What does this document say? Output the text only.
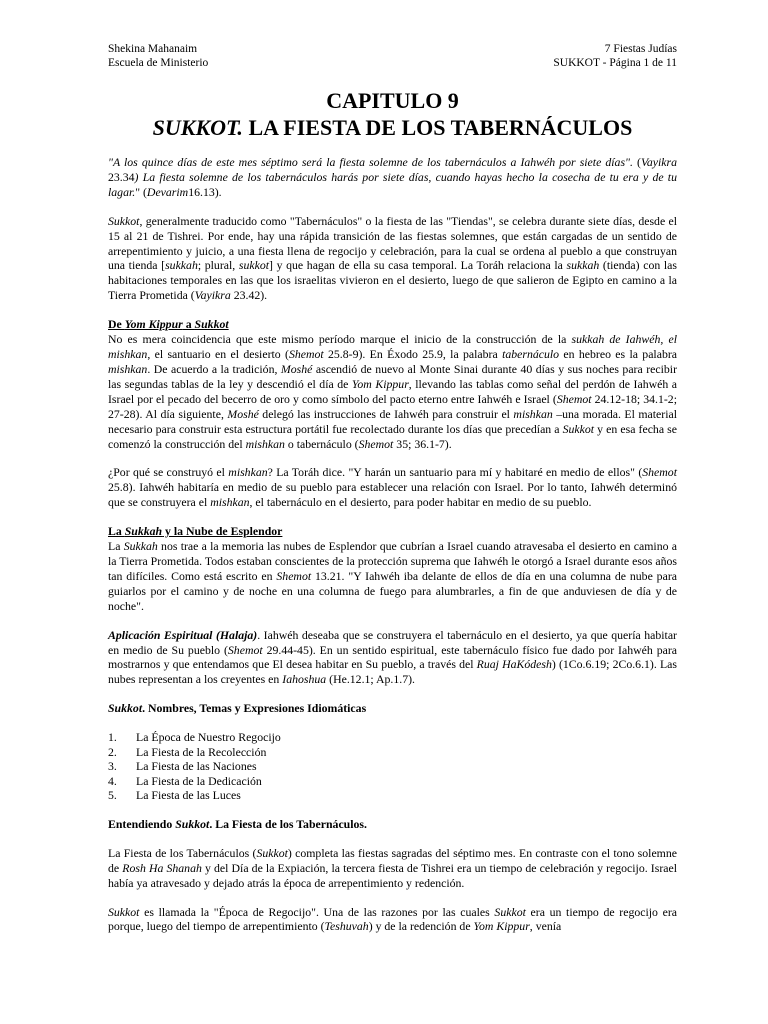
Shekina Mahanaim
Escuela de Ministerio
7 Fiestas Judías
SUKKOT - Página 1 de 11
CAPITULO 9
SUKKOT. LA FIESTA DE LOS TABERNÁCULOS

"A los quince días de este mes séptimo será la fiesta solemne de los tabernáculos a Iahwéh por siete días". (Vayikra 23.34) La fiesta solemne de los tabernáculos harás por siete días, cuando hayas hecho la cosecha de tu era y de tu lagar." (Devarim16.13).

Sukkot, generalmente traducido como "Tabernáculos" o la fiesta de las "Tiendas", se celebra durante siete días, desde el 15 al 21 de Tishrei. Por ende, hay una rápida transición de las fiestas solemnes, que están cargadas de un sentido de arrepentimiento y juicio, a una fiesta llena de regocijo y celebración, para la cual se ordena al pueblo a que construyan una tienda [sukkah; plural, sukkot] y que hagan de ella su casa temporal. La Toráh relaciona la sukkah (tienda) con las habitaciones temporales en las que los israelitas vivieron en el desierto, luego de que salieron de Egipto en camino a la Tierra Prometida (Vayikra 23.42).

De Yom Kippur a Sukkot

No es mera coincidencia que este mismo período marque el inicio de la construcción de la sukkah de Iahwéh, el mishkan, el santuario en el desierto (Shemot 25.8-9). En Éxodo 25.9, la palabra tabernáculo en hebreo es la palabra mishkan. De acuerdo a la tradición, Moshé ascendió de nuevo al Monte Sinai durante 40 días y sus noches para recibir las segundas tablas de la ley y descendió el día de Yom Kippur, llevando las tablas como señal del perdón de Iahwéh a Israel por el pecado del becerro de oro y como símbolo del pacto eterno entre Iahwéh e Israel (Shemot 24.12-18; 34.1-2; 27-28). Al día siguiente, Moshé delegó las instrucciones de Iahwéh para construir el mishkan –una morada. El material necesario para construir esta estructura portátil fue recolectado durante los días que precedían a Sukkot y en esa fecha se comenzó la construcción del mishkan o tabernáculo (Shemot 35; 36.1-7).

¿Por qué se construyó el mishkan? La Toráh dice. "Y harán un santuario para mí y habitaré en medio de ellos" (Shemot 25.8). Iahwéh habitaría en medio de su pueblo para establecer una relación con Israel. Por lo tanto, Iahwéh determinó que se construyera el mishkan, el tabernáculo en el desierto, para poder habitar en medio de su pueblo.

La Sukkah y la Nube de Esplendor

La Sukkah nos trae a la memoria las nubes de Esplendor que cubrían a Israel cuando atravesaba el desierto en camino a la Tierra Prometida. Todos estaban conscientes de la protección suprema que Iahwéh le otorgó a Israel durante esos años tan difíciles. Como está escrito en Shemot 13.21. "Y Iahwéh iba delante de ellos de día en una columna de nube para guiarlos por el camino y de noche en una columna de fuego para alumbrarles, a fin de que anduviesen de día y de noche".

Aplicación Espiritual (Halaja). Iahwéh deseaba que se construyera el tabernáculo en el desierto, ya que quería habitar en medio de Su pueblo (Shemot 29.44-45). En un sentido espiritual, este tabernáculo físico fue dado por Iahwéh para mostrarnos y que entendamos que El desea habitar en Su pueblo, a través del Ruaj HaKódesh) (1Co.6.19; 2Co.6.1). Las nubes representan a los creyentes en Iahoshua (He.12.1; Ap.1.7).

Sukkot. Nombres, Temas y Expresiones Idiomáticas

1.	La Época de Nuestro Regocijo
2.	La Fiesta de la Recolección
3.	La Fiesta de las Naciones
4.	La Fiesta de la Dedicación
5.	La Fiesta de las Luces

Entendiendo Sukkot. La Fiesta de los Tabernáculos.

La Fiesta de los Tabernáculos (Sukkot) completa las fiestas sagradas del séptimo mes. En contraste con el tono solemne de Rosh Ha Shanah y del Día de la Expiación, la tercera fiesta de Tishrei era un tiempo de celebración y regocijo. Israel había ya atravesado y dejado atrás la época de arrepentimiento y redención.

Sukkot es llamada la "Época de Regocijo". Una de las razones por las cuales Sukkot era un tiempo de regocijo era porque, luego del tiempo de arrepentimiento (Teshuvah) y de la redención de Yom Kippur, venía
